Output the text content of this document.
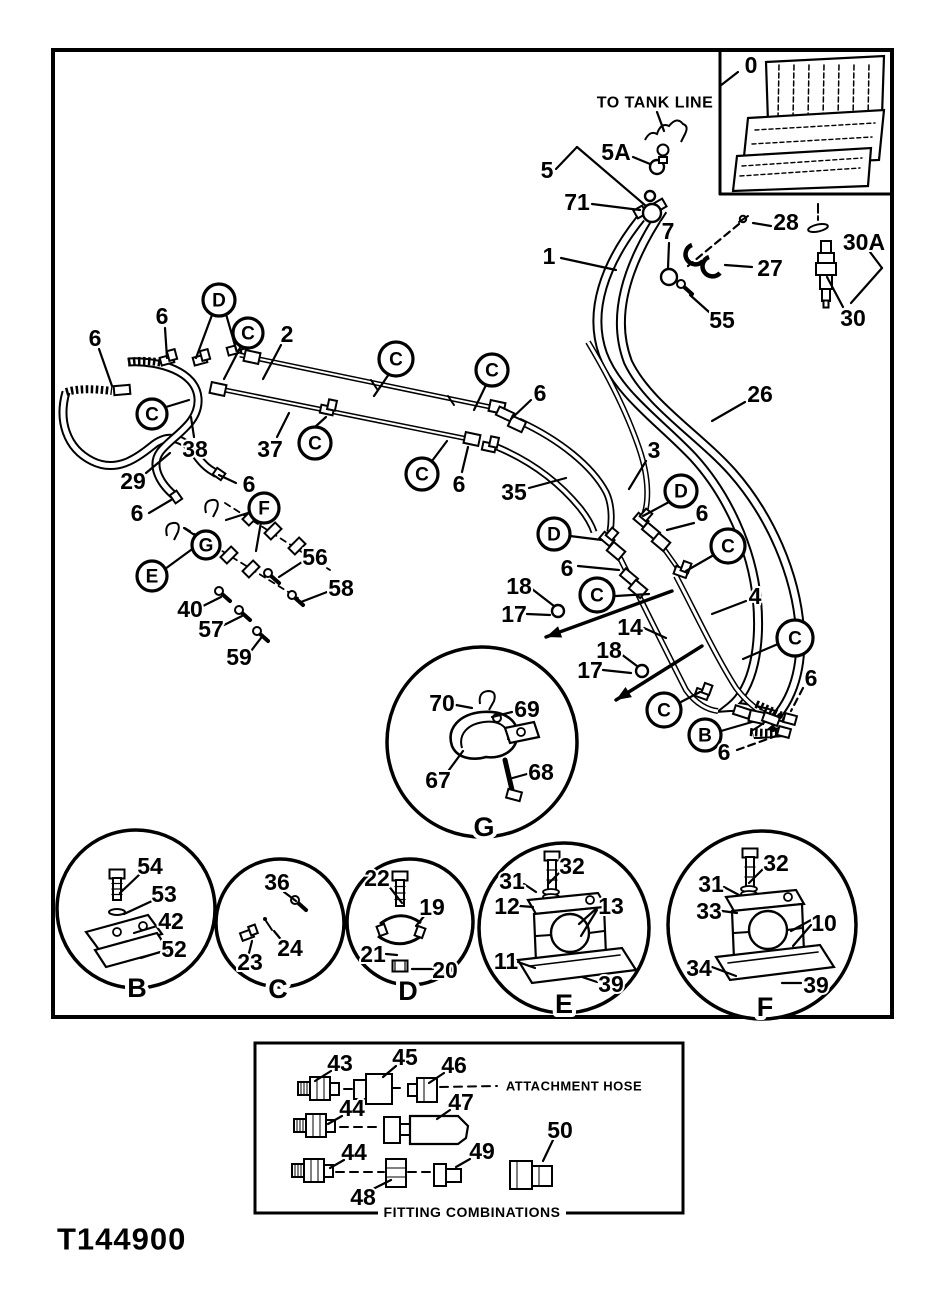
B	C	D	E	F
G
D
C
C
C
C
C
C
F
G
E
D
D
C
C
C
C
B
0
5A
5
71
1
7	28
27
30A
30
55
26
6
6
2
38 37
29	6
6
6
6 35
3
6
6
18
17	14
4
18
17	6
6
56
58
40
57
59
70	69
67	68
54
53
42
52
36
24
23
22
19
21
20
31
32
12	13
11
39
31
32
33	10
34
39
43 45 46
44	47
44	49
48
50
TO TANK LINE
ATTACHMENT HOSE
FITTING COMBINATIONS
T144900
